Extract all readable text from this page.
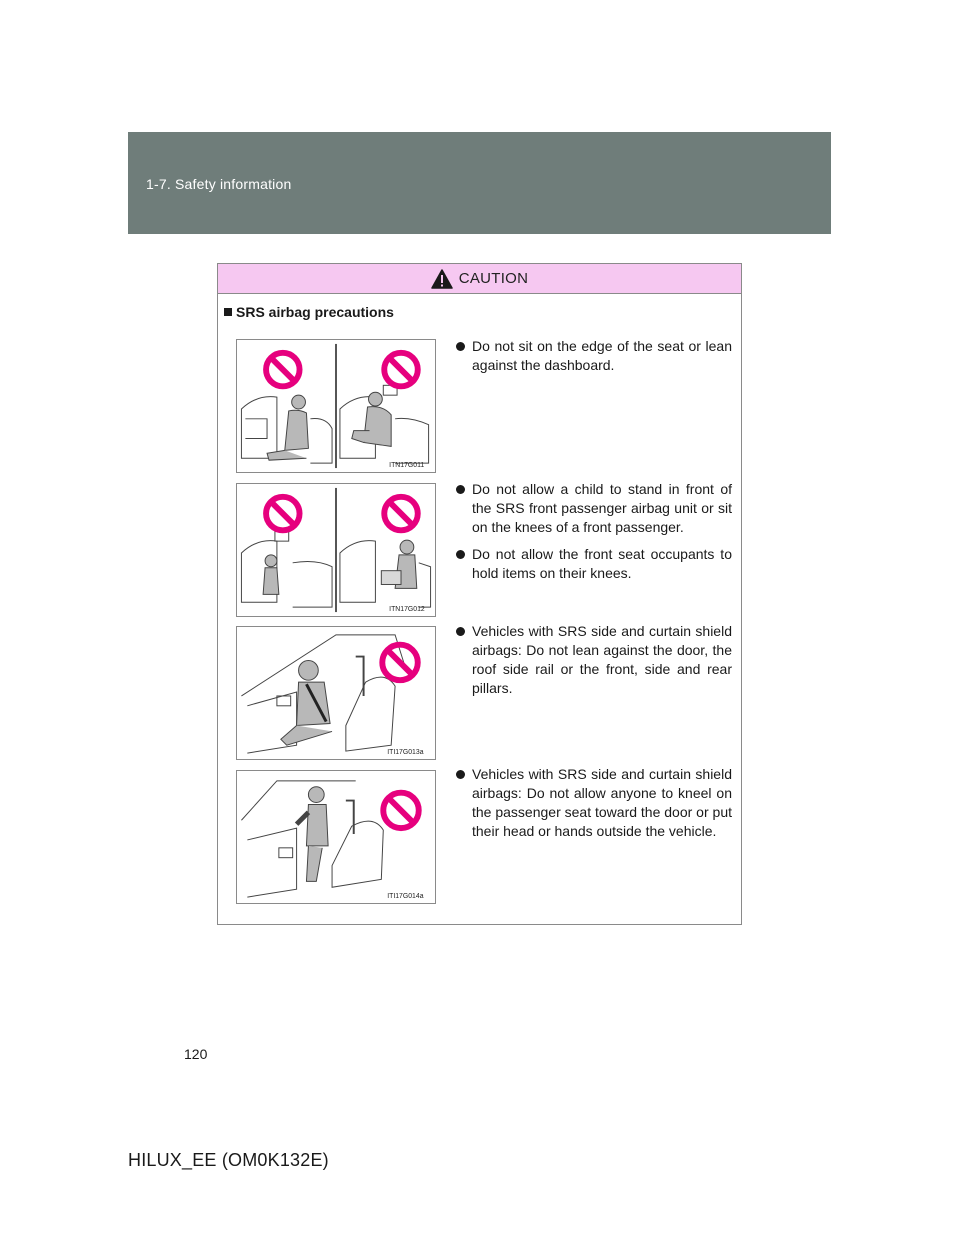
1-7. Safety information
CAUTION
SRS airbag precautions
ITN17G011
ITN17G012
ITI17G013a
ITI17G014a
Do not sit on the edge of the seat or lean against the dashboard.
Do not allow a child to stand in front of the SRS front passenger airbag unit or sit on the knees of a front passenger.
Do not allow the front seat occupants to hold items on their knees.
Vehicles with SRS side and curtain shield airbags: Do not lean against the door, the roof side rail or the front, side and rear pillars.
Vehicles with SRS side and curtain shield airbags: Do not allow anyone to kneel on the passenger seat toward the door or put their head or hands outside the vehicle.
120
HILUX_EE (OM0K132E)
